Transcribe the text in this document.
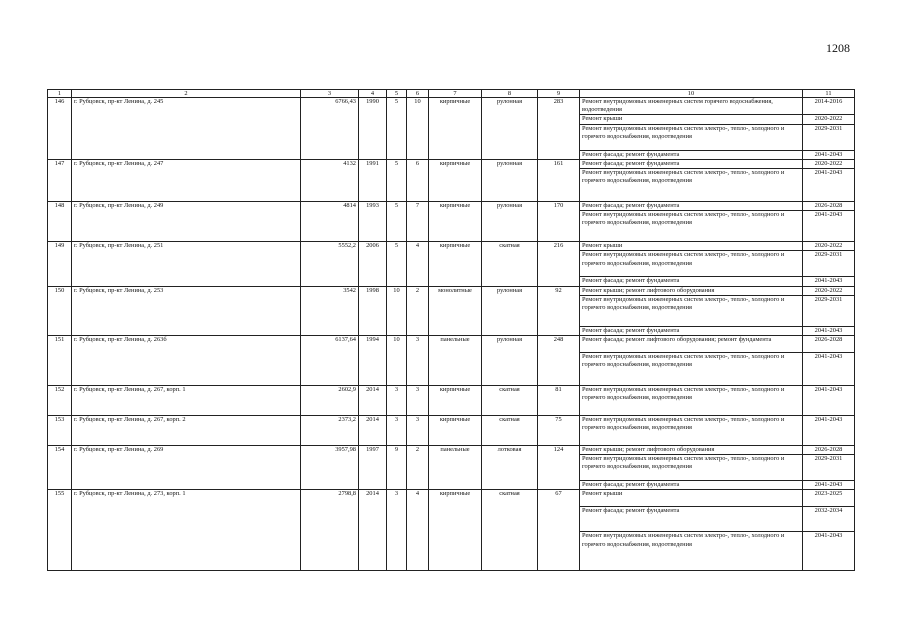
1208
1	2	3	4	5	6	7	8	9	10	11
146	г. Рубцовск, пр-кт Ленина, д. 245	6766,43	1990	5	10	кирпичные	рулонная	283	Ремонт внутридомовых инженерных систем горячего водоснабжения, водоотведения	2014-2016
									Ремонт крыши	2020-2022
									Ремонт внутридомовых инженерных систем электро-, тепло-, холодного и горячего водоснабжения, водоотведения	2029-2031
									Ремонт фасада; ремонт фундамента	2041-2043
147	г. Рубцовск, пр-кт Ленина, д. 247	4132	1991	5	6	кирпичные	рулонная	161	Ремонт фасада; ремонт фундамента	2020-2022
									Ремонт внутридомовых инженерных систем электро-, тепло-, холодного и горячего водоснабжения, водоотведения	2041-2043
148	г. Рубцовск, пр-кт Ленина, д. 249	4814	1993	5	7	кирпичные	рулонная	170	Ремонт фасада; ремонт фундамента	2026-2028
									Ремонт внутридомовых инженерных систем электро-, тепло-, холодного и горячего водоснабжения, водоотведения	2041-2043
149	г. Рубцовск, пр-кт Ленина, д. 251	5552,2	2006	5	4	кирпичные	скатная	216	Ремонт крыши	2020-2022
									Ремонт внутридомовых инженерных систем электро-, тепло-, холодного и горячего водоснабжения, водоотведения	2029-2031
									Ремонт фасада; ремонт фундамента	2041-2043
150	г. Рубцовск, пр-кт Ленина, д. 253	3542	1998	10	2	монолитные	рулонная	92	Ремонт крыши; ремонт лифтового оборудования	2020-2022
									Ремонт внутридомовых инженерных систем электро-, тепло-, холодного и горячего водоснабжения, водоотведения	2029-2031
									Ремонт фасада; ремонт фундамента	2041-2043
151	г. Рубцовск, пр-кт Ленина, д. 263б	6137,64	1994	10	3	панельные	рулонная	248	Ремонт фасада; ремонт лифтового оборудования; ремонт фундамента	2026-2028
									Ремонт внутридомовых инженерных систем электро-, тепло-, холодного и горячего водоснабжения, водоотведения	2041-2043
152	г. Рубцовск, пр-кт Ленина, д. 267, корп. 1	2602,9	2014	3	3	кирпичные	скатная	81	Ремонт внутридомовых инженерных систем электро-, тепло-, холодного и горячего водоснабжения, водоотведения	2041-2043
153	г. Рубцовск, пр-кт Ленина, д. 267, корп. 2	2373,2	2014	3	3	кирпичные	скатная	75	Ремонт внутридомовых инженерных систем электро-, тепло-, холодного и горячего водоснабжения, водоотведения	2041-2043
154	г. Рубцовск, пр-кт Ленина, д. 269	3957,98	1997	9	2	панельные	лотковая	124	Ремонт крыши; ремонт лифтового оборудования	2026-2028
									Ремонт внутридомовых инженерных систем электро-, тепло-, холодного и горячего водоснабжения, водоотведения	2029-2031
									Ремонт фасада; ремонт фундамента	2041-2043
155	г. Рубцовск, пр-кт Ленина, д. 273, корп. 1	2798,8	2014	3	4	кирпичные	скатная	67	Ремонт крыши	2023-2025
									Ремонт фасада; ремонт фундамента	2032-2034
									Ремонт внутридомовых инженерных систем электро-, тепло-, холодного и горячего водоснабжения, водоотведения	2041-2043
